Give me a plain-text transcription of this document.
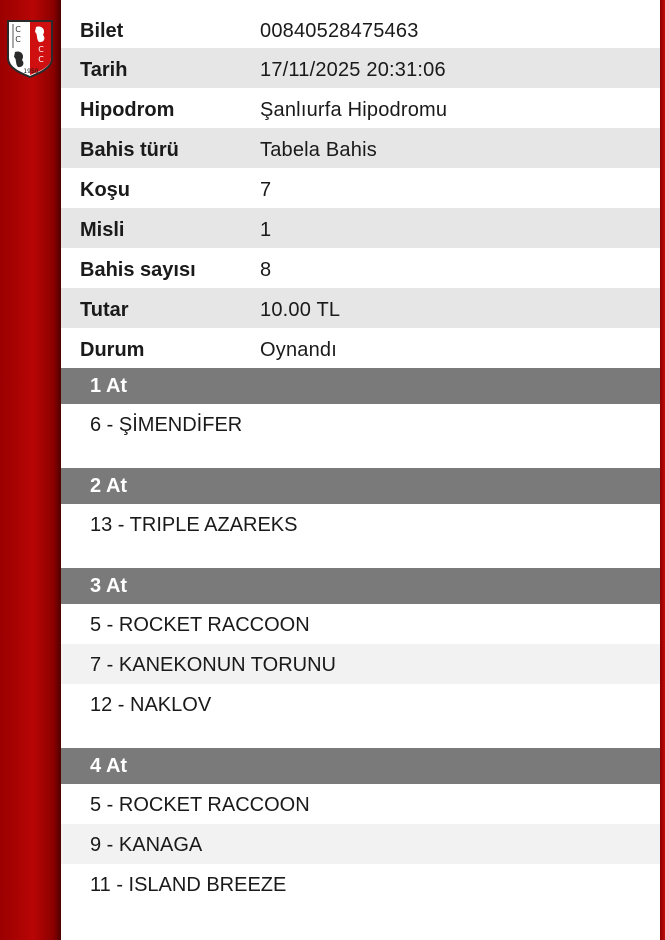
C
C
C
C
1950
Bilet	00840528475463
Tarih	17/11/2025 20:31:06
Hipodrom	Şanlıurfa Hipodromu
Bahis türü	Tabela Bahis
Koşu	7
Misli	1
Bahis sayısı	8
Tutar	10.00 TL
Durum	Oynandı
1 At
6 - ŞİMENDİFER
2 At
13 - TRIPLE AZAREKS
3 At
5 - ROCKET RACCOON
7 - KANEKONUN TORUNU
12 - NAKLOV
4 At
5 - ROCKET RACCOON
9 - KANAGA
11 - ISLAND BREEZE
